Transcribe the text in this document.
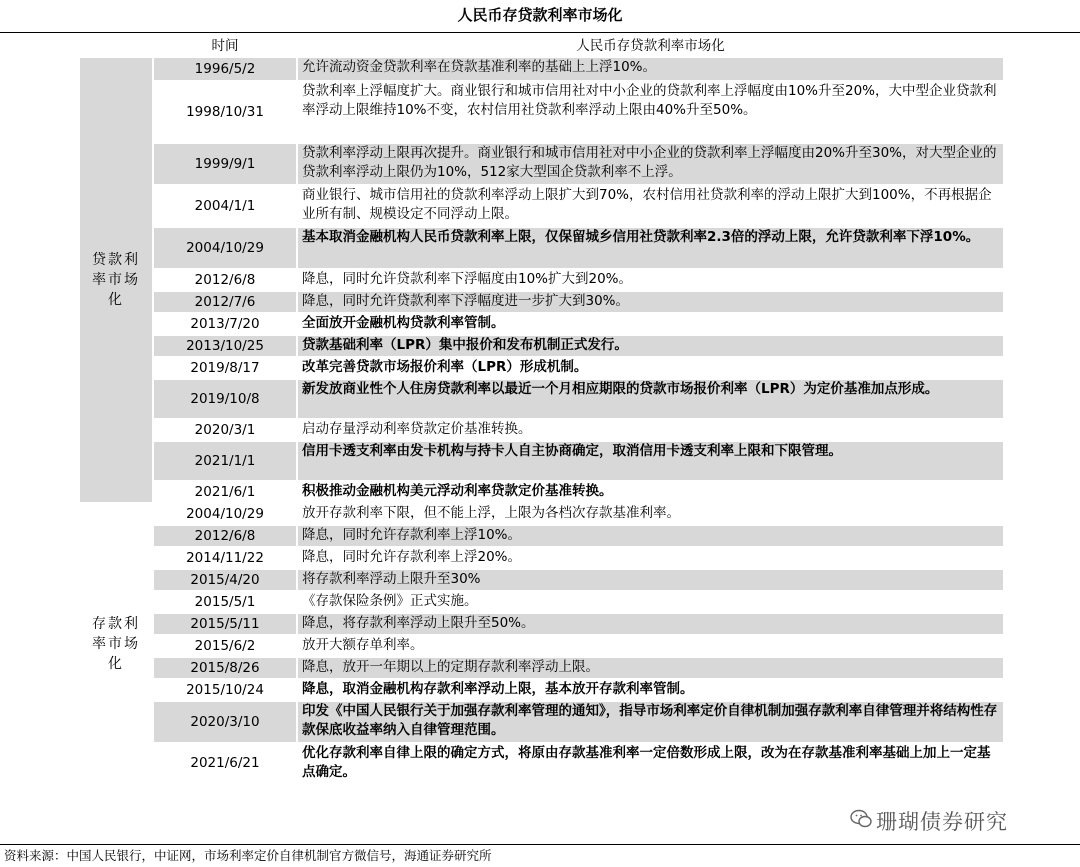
人民币存贷款利率市场化
	时间	人民币存贷款利率市场化

贷款利
率市场
化	1996/5/2	允许流动资金贷款利率在贷款基准利率的基础上上浮10%。
	1998/10/31	贷款利率上浮幅度扩大。商业银行和城市信用社对中小企业的贷款利率上浮幅度由10%升至20%，大中型企业贷款利率浮动上限维持10%不变，农村信用社贷款利率浮动上限由40%升至50%。
	1999/9/1	贷款利率浮动上限再次提升。商业银行和城市信用社对中小企业的贷款利率上浮幅度由20%升至30%，对大型企业的贷款利率浮动上限仍为10%，512家大型国企贷款利率不上浮。
	2004/1/1	商业银行、城市信用社的贷款利率浮动上限扩大到70%，农村信用社贷款利率的浮动上限扩大到100%，不再根据企业所有制、规模设定不同浮动上限。
	2004/10/29	基本取消金融机构人民币贷款利率上限，仅保留城乡信用社贷款利率2.3倍的浮动上限，允许贷款利率下浮10%。
	2012/6/8	降息，同时允许贷款利率下浮幅度由10%扩大到20%。
	2012/7/6	降息，同时允许贷款利率下浮幅度进一步扩大到30%。
	2013/7/20	全面放开金融机构贷款利率管制。
	2013/10/25	贷款基础利率（LPR）集中报价和发布机制正式发行。
	2019/8/17	改革完善贷款市场报价利率（LPR）形成机制。
	2019/10/8	新发放商业性个人住房贷款利率以最近一个月相应期限的贷款市场报价利率（LPR）为定价基准加点形成。
	2020/3/1	启动存量浮动利率贷款定价基准转换。
	2021/1/1	信用卡透支利率由发卡机构与持卡人自主协商确定，取消信用卡透支利率上限和下限管理。
	2021/6/1	积极推动金融机构美元浮动利率贷款定价基准转换。

存款利
率市场
化	2004/10/29	放开存款利率下限，但不能上浮，上限为各档次存款基准利率。
	2012/6/8	降息，同时允许存款利率上浮10%。
	2014/11/22	降息，同时允许存款利率上浮20%。
	2015/4/20	将存款利率浮动上限升至30%
	2015/5/1	《存款保险条例》正式实施。
	2015/5/11	降息，将存款利率浮动上限升至50%。
	2015/6/2	放开大额存单利率。
	2015/8/26	降息，放开一年期以上的定期存款利率浮动上限。
	2015/10/24	降息，取消金融机构存款利率浮动上限，基本放开存款利率管制。
	2020/3/10	印发《中国人民银行关于加强存款利率管理的通知》，指导市场利率定价自律机制加强存款利率自律管理并将结构性存款保底收益率纳入自律管理范围。
	2021/6/21	优化存款利率自律上限的确定方式，将原由存款基准利率一定倍数形成上限，改为在存款基准利率基础上加上一定基点确定。
资料来源：中国人民银行，中证网，市场利率定价自律机制官方微信号，海通证券研究所
珊瑚债券研究
